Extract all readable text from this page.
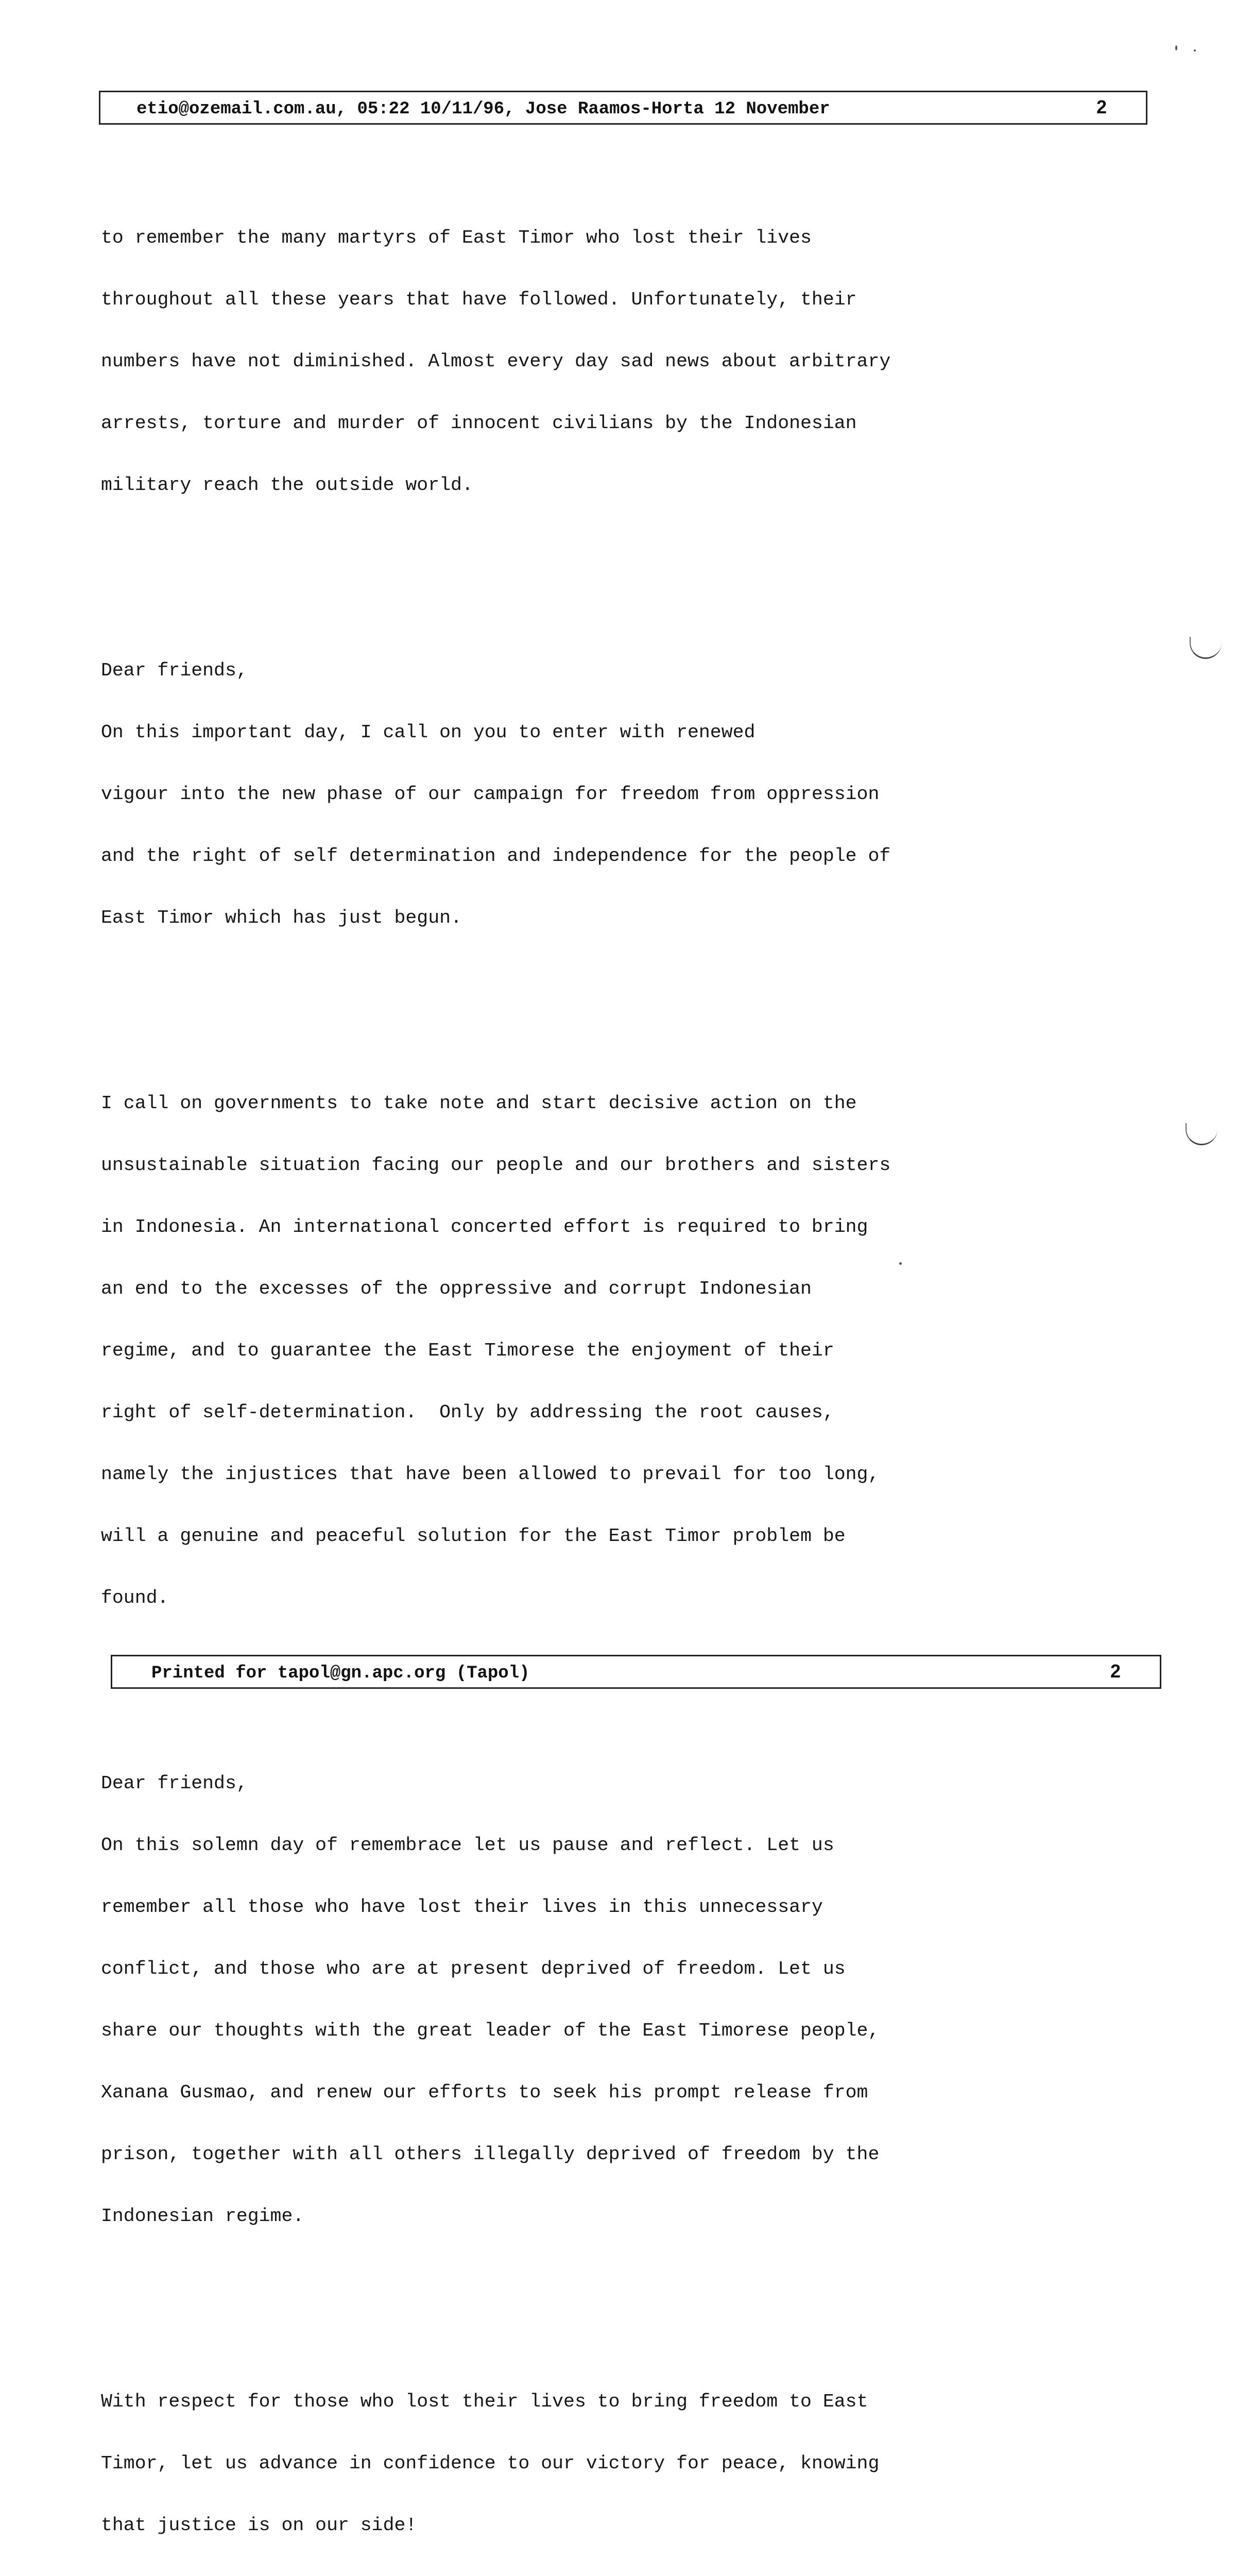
etio@ozemail.com.au, 05:22 10/11/96, Jose Raamos-Horta 12 November	2

to remember the many martyrs of East Timor who lost their lives

throughout all these years that have followed. Unfortunately, their

numbers have not diminished. Almost every day sad news about arbitrary

arrests, torture and murder of innocent civilians by the Indonesian

military reach the outside world.

Dear friends,

On this important day, I call on you to enter with renewed

vigour into the new phase of our campaign for freedom from oppression

and the right of self determination and independence for the people of

East Timor which has just begun.

I call on governments to take note and start decisive action on the

unsustainable situation facing our people and our brothers and sisters

in Indonesia. An international concerted effort is required to bring

an end to the excesses of the oppressive and corrupt Indonesian

regime, and to guarantee the East Timorese the enjoyment of their

right of self-determination.  Only by addressing the root causes,

namely the injustices that have been allowed to prevail for too long,

will a genuine and peaceful solution for the East Timor problem be

found.

Dear friends,

On this solemn day of remembrace let us pause and reflect. Let us

remember all those who have lost their lives in this unnecessary

conflict, and those who are at present deprived of freedom. Let us

share our thoughts with the great leader of the East Timorese people,

Xanana Gusmao, and renew our efforts to seek his prompt release from

prison, together with all others illegally deprived of freedom by the

Indonesian regime.

With respect for those who lost their lives to bring freedom to East

Timor, let us advance in confidence to our victory for peace, knowing

that justice is on our side!

Printed for tapol@gn.apc.org (Tapol)	2
